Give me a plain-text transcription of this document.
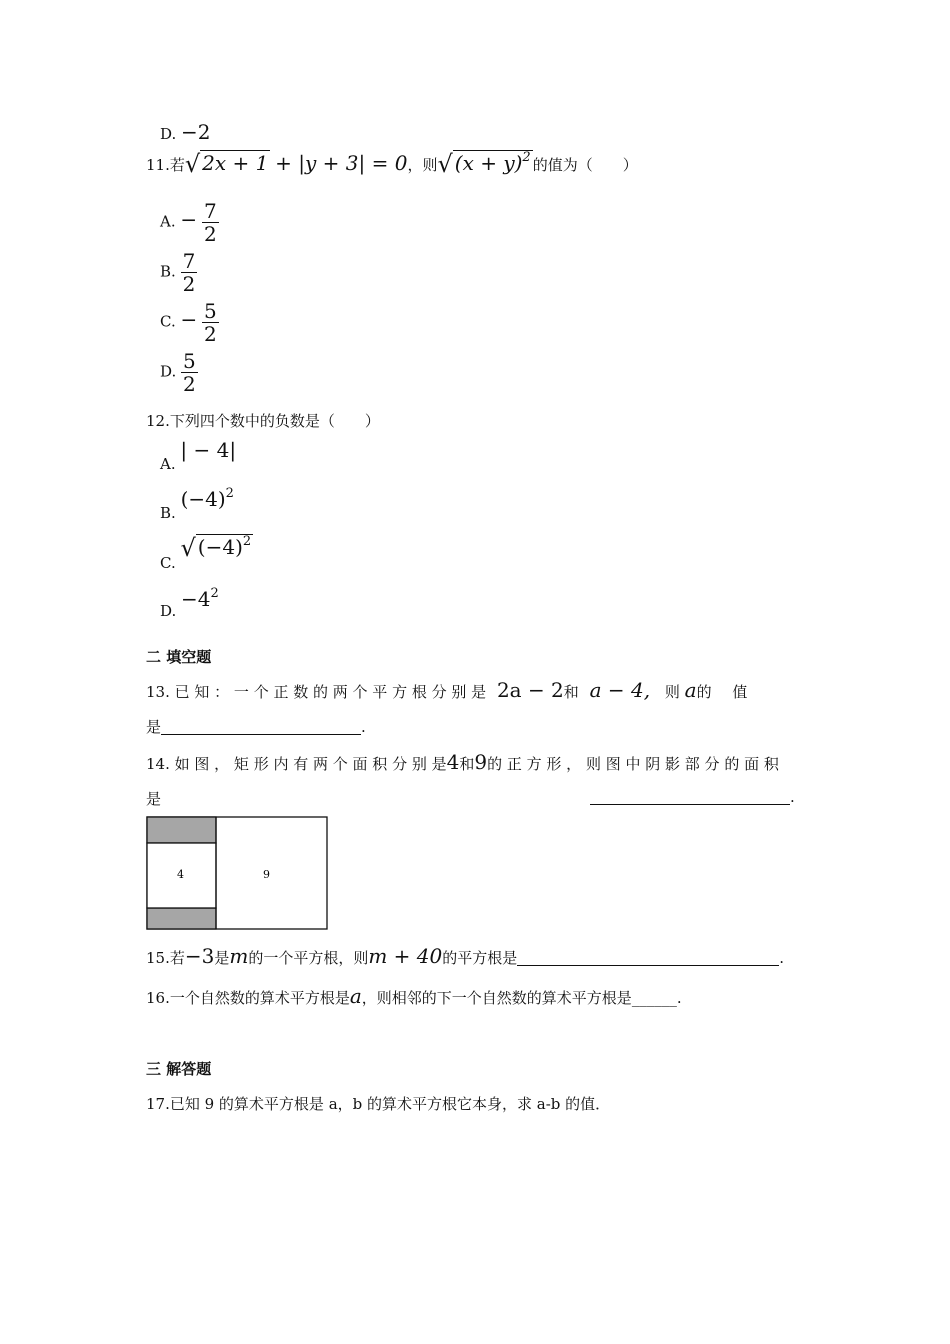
D. −2
11.若√ 2x + 1 + |y + 3| = 0，则√ $(x + y)^2$ 的值为（　　）
A. − $\frac{7}{2}$
B. $\frac{7}{2}$
C. − $\frac{5}{2}$
D. $\frac{5}{2}$
12.下列四个数中的负数是（　　）
A. | − 4|
B. $(-4)^2$
C. √ $(-4)^2$
D. $-4^2$
二 填空题
13. 已 知 ： 一 个 正 数 的 两 个 平 方 根 分 别 是 2a − 2和 a − 4, 则 a的 值
是	.
14. 如 图 ， 矩 形 内 有 两 个 面 积 分 别 是4和9的 正 方 形 ， 则 图 中 阴 影 部 分 的 面 积
是	.
4	9
15.若−3是m的一个平方根，则m + 40的平方根是	.
16.一个自然数的算术平方根是a，则相邻的下一个自然数的算术平方根是______.
三 解答题
17.已知 9 的算术平方根是 a，b 的算术平方根它本身，求 a-b 的值．
